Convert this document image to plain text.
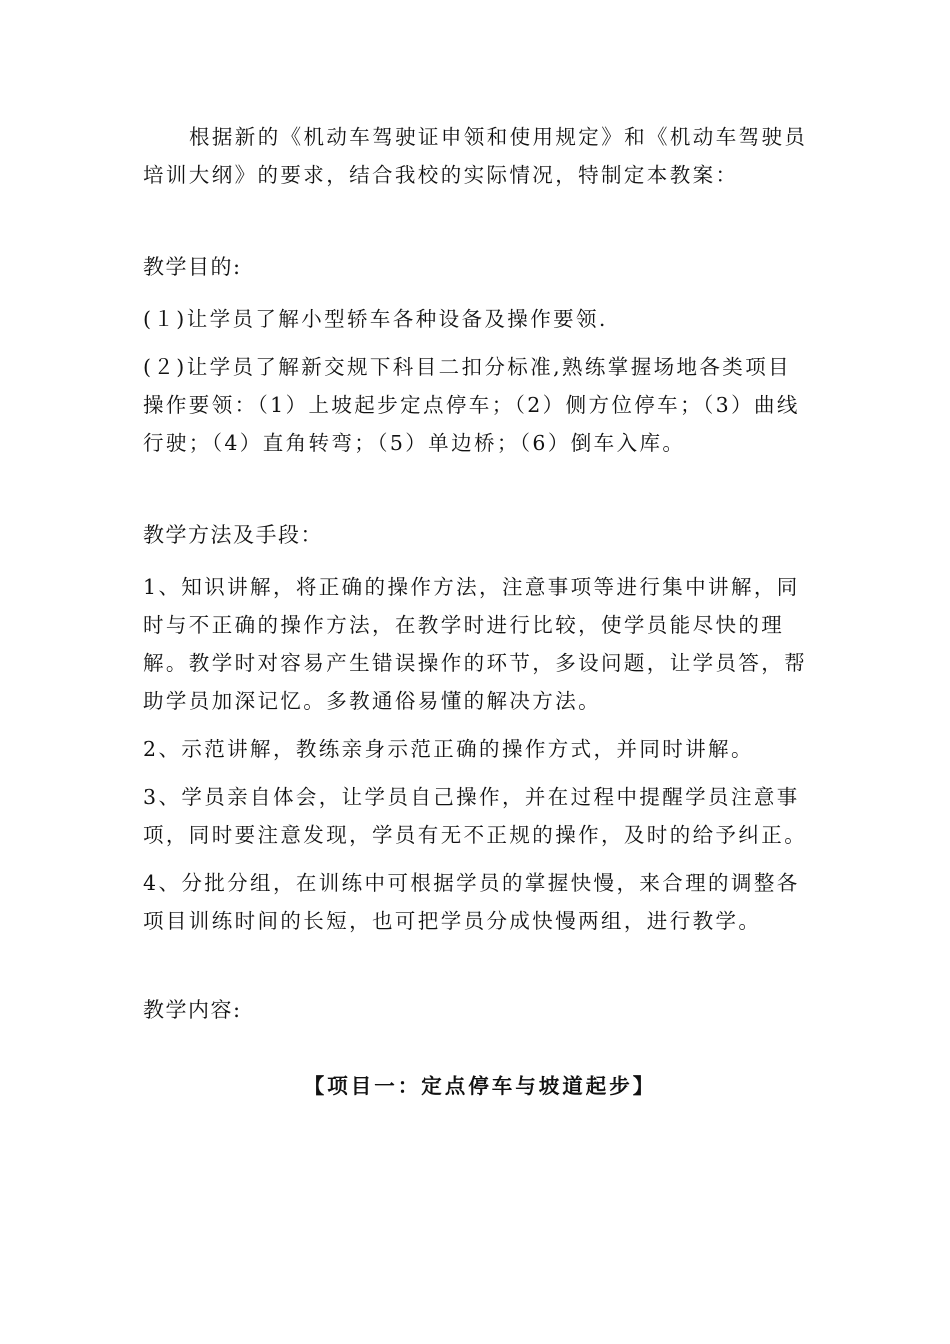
根据新的《机动车驾驶证申领和使用规定》和《机动车驾驶员培训大纲》的要求，结合我校的实际情况，特制定本教案：

教学目的:

(１)让学员了解小型轿车各种设备及操作要领.

(２)让学员了解新交规下科目二扣分标准,熟练掌握场地各类项目操作要领：（1）上坡起步定点停车；（2）侧方位停车；（3）曲线行驶；（4）直角转弯；（5）单边桥；（6）倒车入库。

教学方法及手段：

1、知识讲解，将正确的操作方法，注意事项等进行集中讲解，同时与不正确的操作方法，在教学时进行比较，使学员能尽快的理解。教学时对容易产生错误操作的环节，多设问题，让学员答，帮助学员加深记忆。多教通俗易懂的解决方法。

2、示范讲解，教练亲身示范正确的操作方式，并同时讲解。

3、学员亲自体会，让学员自己操作，并在过程中提醒学员注意事项，同时要注意发现，学员有无不正规的操作，及时的给予纠正。

4、分批分组，在训练中可根据学员的掌握快慢，来合理的调整各项目训练时间的长短，也可把学员分成快慢两组，进行教学。

教学内容:

【项目一：定点停车与坡道起步】
